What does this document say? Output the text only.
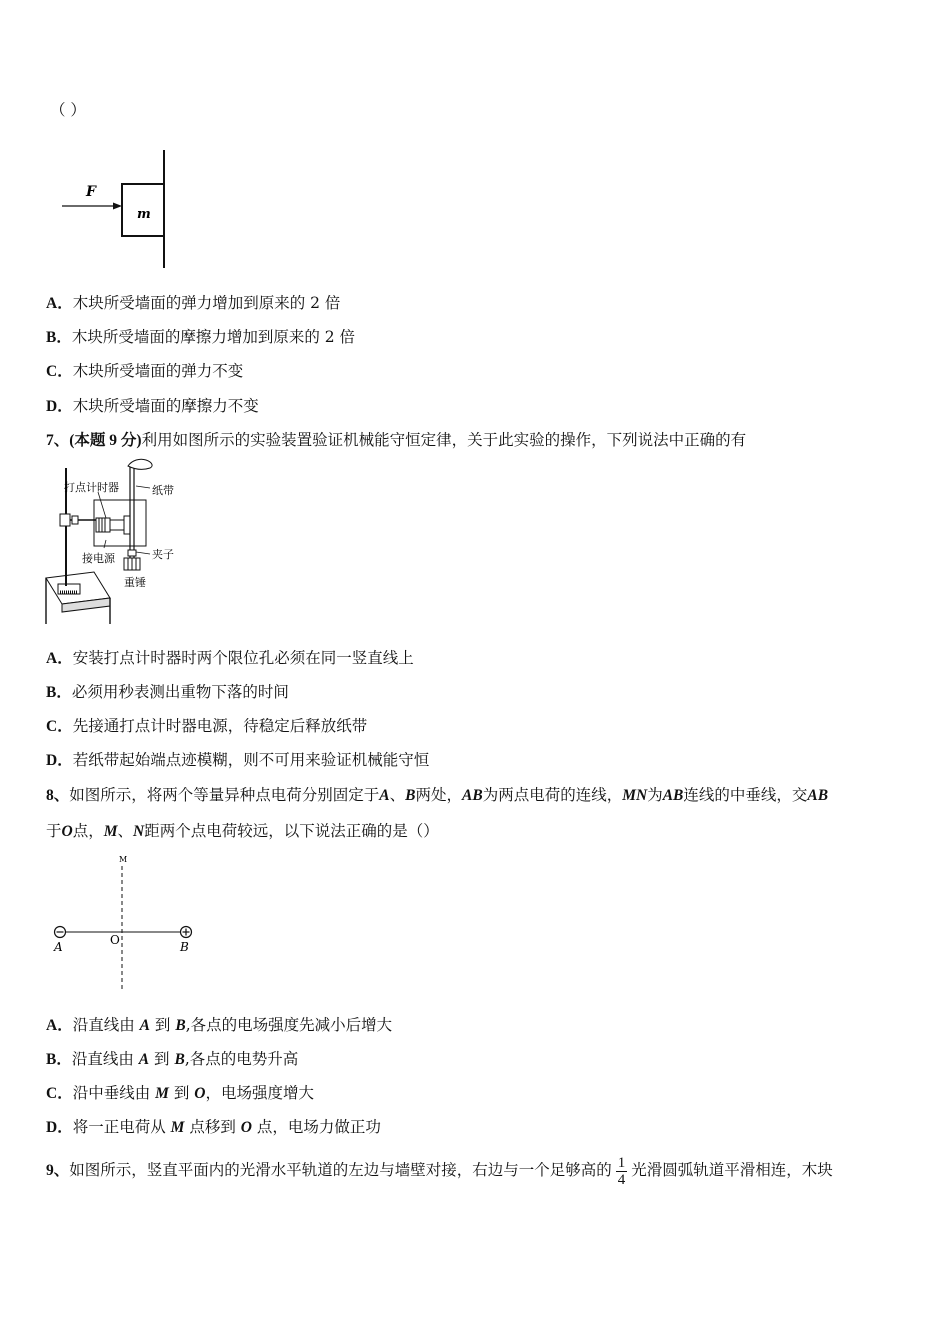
（ ）
F
m
A．木块所受墙面的弹力增加到原来的 2 倍
B．木块所受墙面的摩擦力增加到原来的 2 倍
C．木块所受墙面的弹力不变
D．木块所受墙面的摩擦力不变
7、(本题 9 分)利用如图所示的实验装置验证机械能守恒定律，关于此实验的操作，下列说法中正确的有
打点计时器	纸带
接电源	夹子
重锤
A．安装打点计时器时两个限位孔必须在同一竖直线上
B．必须用秒表测出重物下落的时间
C．先接通打点计时器电源，待稳定后释放纸带
D．若纸带起始端点迹模糊，则不可用来验证机械能守恒
8、如图所示，将两个等量异种点电荷分别固定于A、B两处，AB为两点电荷的连线，MN为AB连线的中垂线，交AB
于O点，M、N距两个点电荷较远，以下说法正确的是（）
M
O
A	B
A．沿直线由 A 到 B,各点的电场强度先减小后增大
B．沿直线由 A 到 B,各点的电势升高
C．沿中垂线由 M 到 O，电场强度增大
D．将一正电荷从 M 点移到 O 点，电场力做正功
9、如图所示，竖直平面内的光滑水平轨道的左边与墙壁对接，右边与一个足够高的 $\frac{1}{4}$ 光滑圆弧轨道平滑相连，木块
